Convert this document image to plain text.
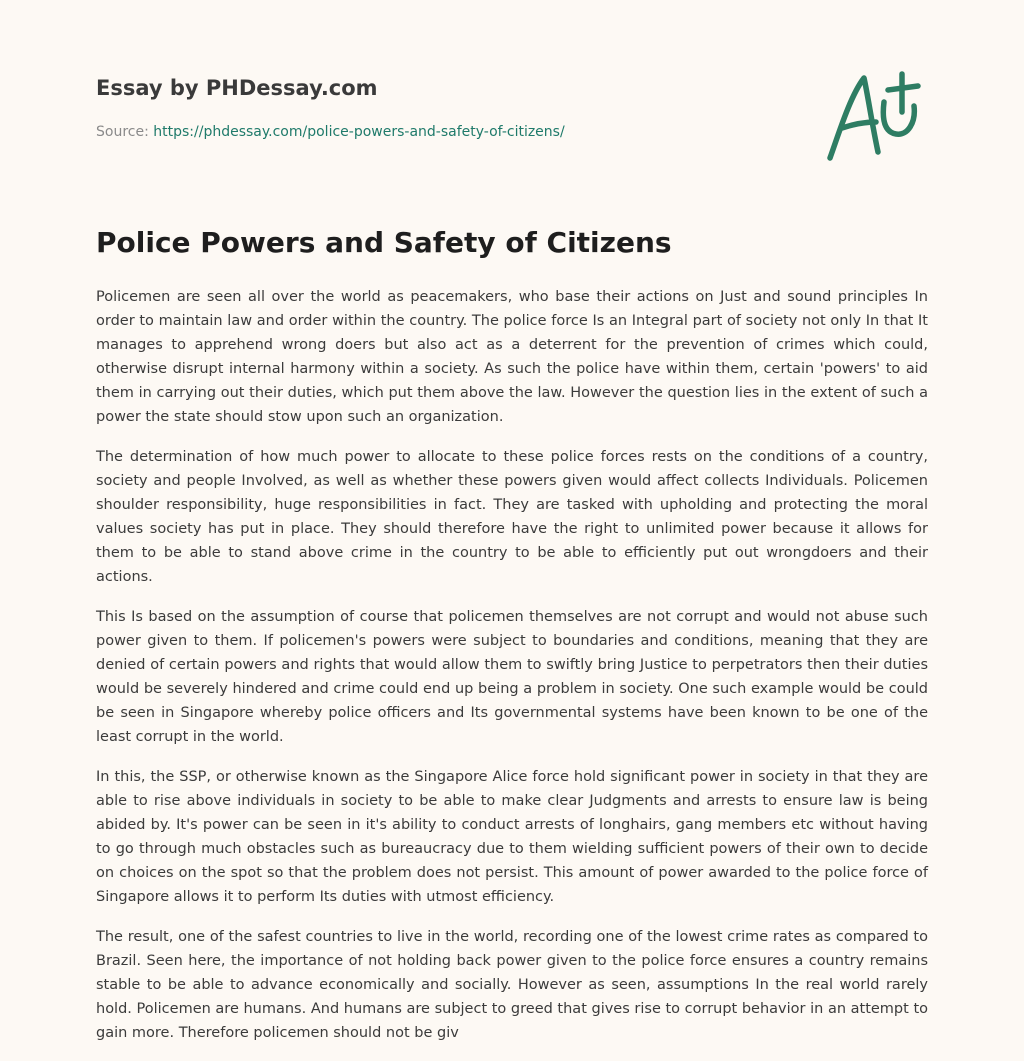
Essay by PHDessay.com
Source: https://phdessay.com/police-powers-and-safety-of-citizens/
Police Powers and Safety of Citizens

Policemen are seen all over the world as peacemakers, who base their actions on Just and sound principles In order to maintain law and order within the country. The police force Is an Integral part of society not only In that It manages to apprehend wrong doers but also act as a deterrent for the prevention of crimes which could, otherwise disrupt internal harmony within a society. As such the police have within them, certain 'powers' to aid them in carrying out their duties, which put them above the law. However the question lies in the extent of such a power the state should stow upon such an organization.

The determination of how much power to allocate to these police forces rests on the conditions of a country, society and people Involved, as well as whether these powers given would affect collects Individuals. Policemen shoulder responsibility, huge responsibilities in fact. They are tasked with upholding and protecting the moral values society has put in place. They should therefore have the right to unlimited power because it allows for them to be able to stand above crime in the country to be able to efficiently put out wrongdoers and their actions.

This Is based on the assumption of course that policemen themselves are not corrupt and would not abuse such power given to them. If policemen's powers were subject to boundaries and conditions, meaning that they are denied of certain powers and rights that would allow them to swiftly bring Justice to perpetrators then their duties would be severely hindered and crime could end up being a problem in society. One such example would be could be seen in Singapore whereby police officers and Its governmental systems have been known to be one of the least corrupt in the world.

In this, the SSP, or otherwise known as the Singapore Alice force hold significant power in society in that they are able to rise above individuals in society to be able to make clear Judgments and arrests to ensure law is being abided by. It's power can be seen in it's ability to conduct arrests of longhairs, gang members etc without having to go through much obstacles such as bureaucracy due to them wielding sufficient powers of their own to decide on choices on the spot so that the problem does not persist. This amount of power awarded to the police force of Singapore allows it to perform Its duties with utmost efficiency.

The result, one of the safest countries to live in the world, recording one of the lowest crime rates as compared to Brazil. Seen here, the importance of not holding back power given to the police force ensures a country remains stable to be able to advance economically and socially. However as seen, assumptions In the real world rarely hold. Policemen are humans. And humans are subject to greed that gives rise to corrupt behavior in an attempt to gain more. Therefore policemen should not be giv
